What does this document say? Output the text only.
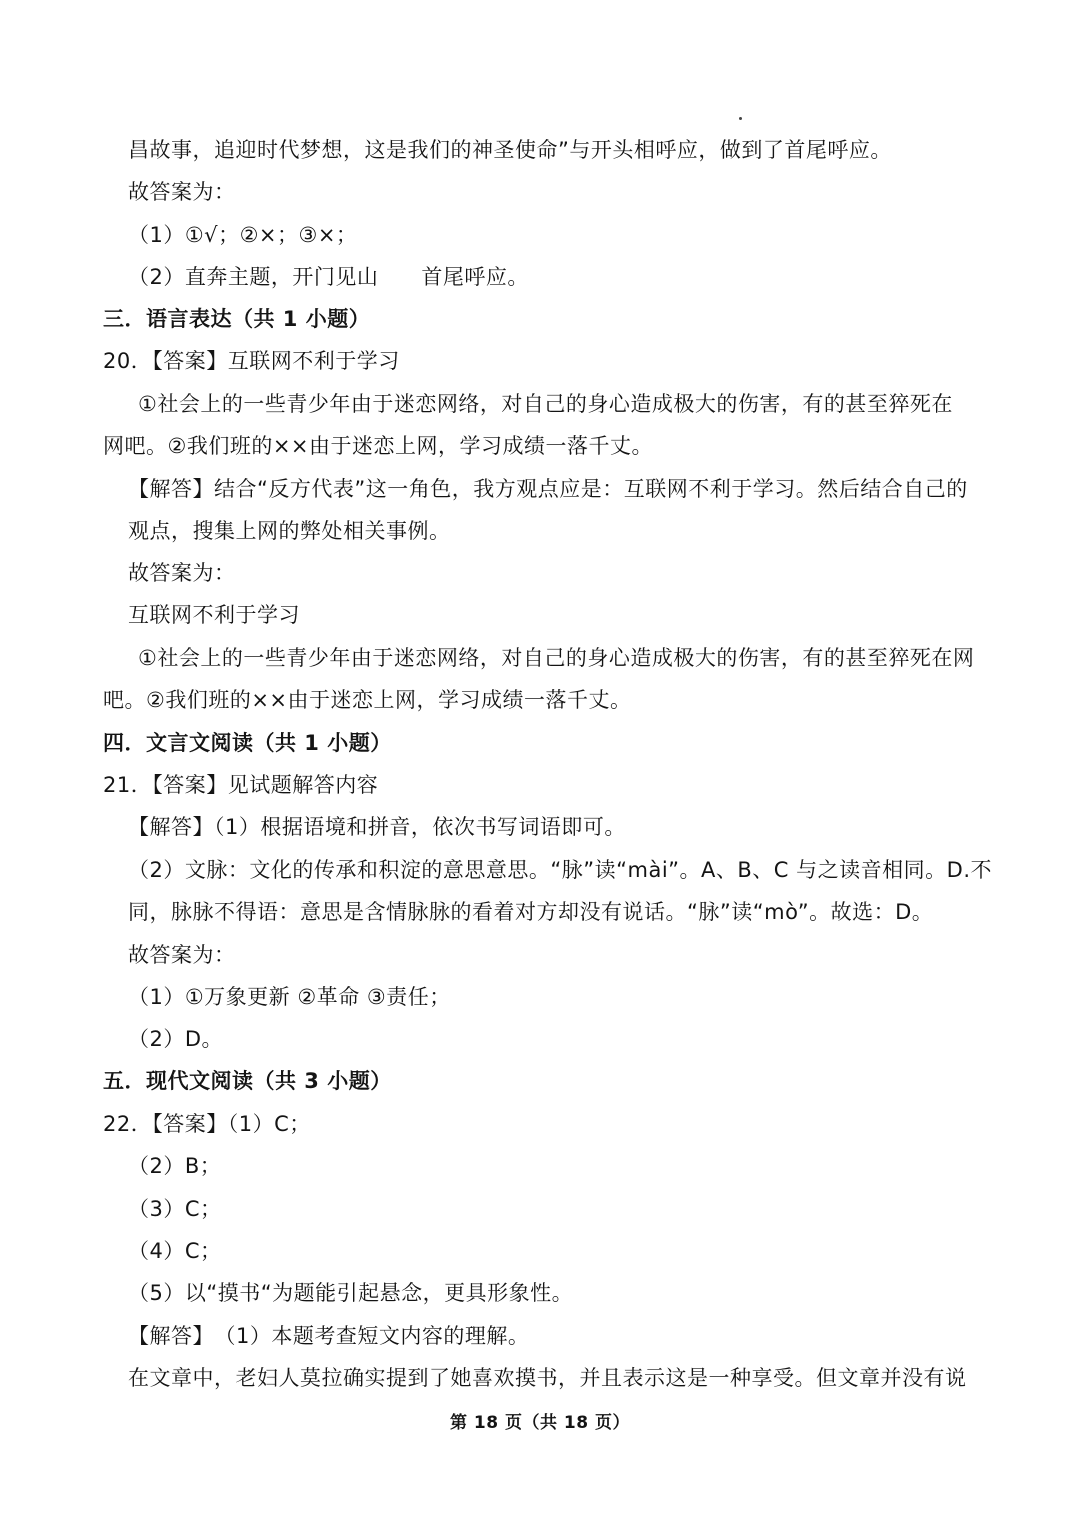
昌故事，追迎时代梦想，这是我们的神圣使命”与开头相呼应，做到了首尾呼应。
故答案为：
（1）①√；②×；③×；
（2）直奔主题，开门见山　　首尾呼应。
三．语言表达（共 1 小题）
20．【答案】互联网不利于学习
①社会上的一些青少年由于迷恋网络，对自己的身心造成极大的伤害，有的甚至猝死在
网吧。②我们班的××由于迷恋上网，学习成绩一落千丈。
【解答】结合“反方代表”这一角色，我方观点应是：互联网不利于学习。然后结合自己的
观点，搜集上网的弊处相关事例。
故答案为：
互联网不利于学习
①社会上的一些青少年由于迷恋网络，对自己的身心造成极大的伤害，有的甚至猝死在网
吧。②我们班的××由于迷恋上网，学习成绩一落千丈。
四．文言文阅读（共 1 小题）
21．【答案】见试题解答内容
【解答】（1）根据语境和拼音，依次书写词语即可。
（2）文脉：文化的传承和积淀的意思意思。“脉”读“mài”。A、B、C 与之读音相同。D.不
同，脉脉不得语：意思是含情脉脉的看着对方却没有说话。“脉”读“mò”。故选：D。
故答案为：
（1）①万象更新 ②革命 ③责任；
（2）D。
五．现代文阅读（共 3 小题）
22．【答案】（1）C；
（2）B；
（3）C；
（4）C；
（5）以“摸书“为题能引起悬念，更具形象性。
【解答】　（1）本题考查短文内容的理解。
在文章中，老妇人莫拉确实提到了她喜欢摸书，并且表示这是一种享受。但文章并没有说
第 18 页（共 18 页）
